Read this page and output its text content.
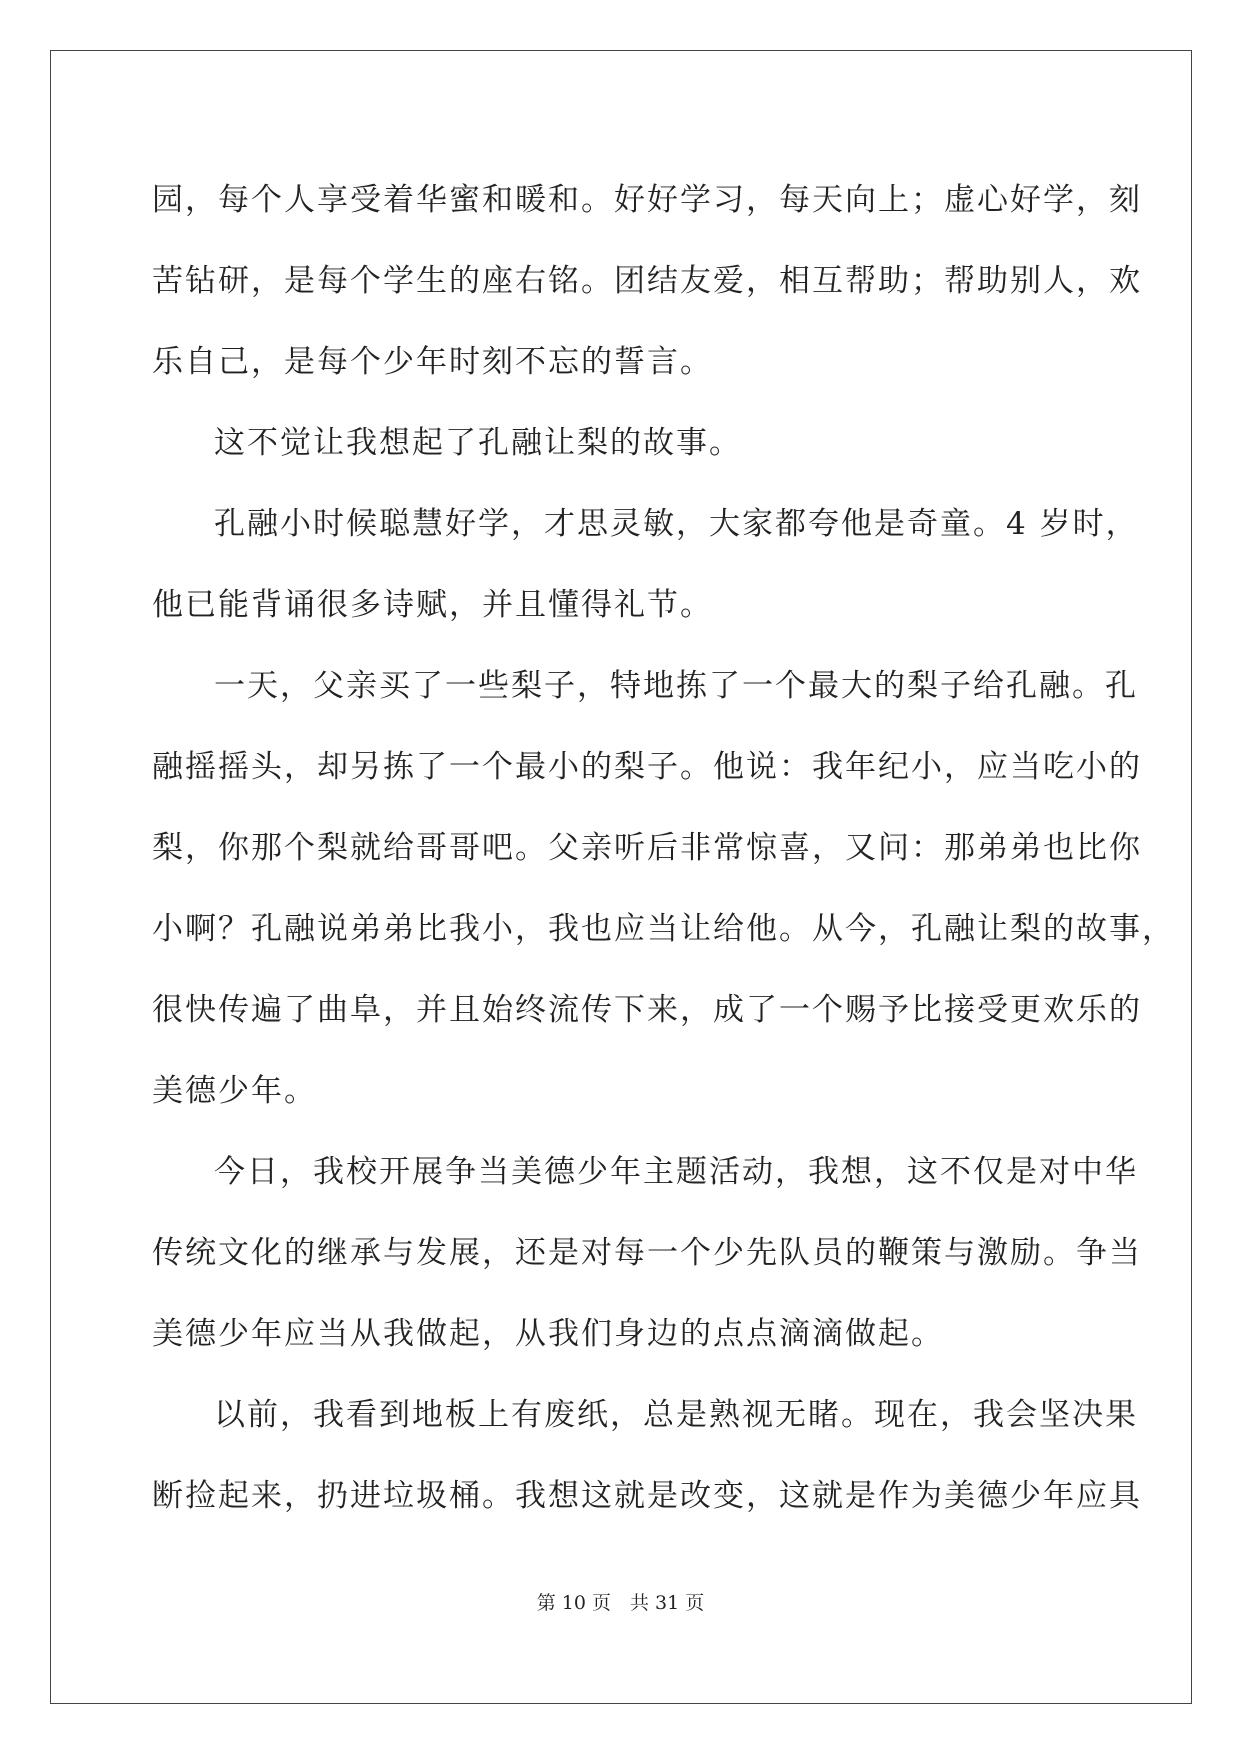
园，每个人享受着华蜜和暖和。好好学习，每天向上；虚心好学，刻
苦钻研，是每个学生的座右铭。团结友爱，相互帮助；帮助别人，欢
乐自己，是每个少年时刻不忘的誓言。
这不觉让我想起了孔融让梨的故事。
孔融小时候聪慧好学，才思灵敏，大家都夸他是奇童。4 岁时，
他已能背诵很多诗赋，并且懂得礼节。
一天，父亲买了一些梨子，特地拣了一个最大的梨子给孔融。孔
融摇摇头，却另拣了一个最小的梨子。他说：我年纪小，应当吃小的
梨，你那个梨就给哥哥吧。父亲听后非常惊喜，又问：那弟弟也比你
小啊？孔融说弟弟比我小，我也应当让给他。从今，孔融让梨的故事，
很快传遍了曲阜，并且始终流传下来，成了一个赐予比接受更欢乐的
美德少年。
今日，我校开展争当美德少年主题活动，我想，这不仅是对中华
传统文化的继承与发展，还是对每一个少先队员的鞭策与激励。争当
美德少年应当从我做起，从我们身边的点点滴滴做起。
以前，我看到地板上有废纸，总是熟视无睹。现在，我会坚决果
断捡起来，扔进垃圾桶。我想这就是改变，这就是作为美德少年应具
第 10 页　共 31 页
